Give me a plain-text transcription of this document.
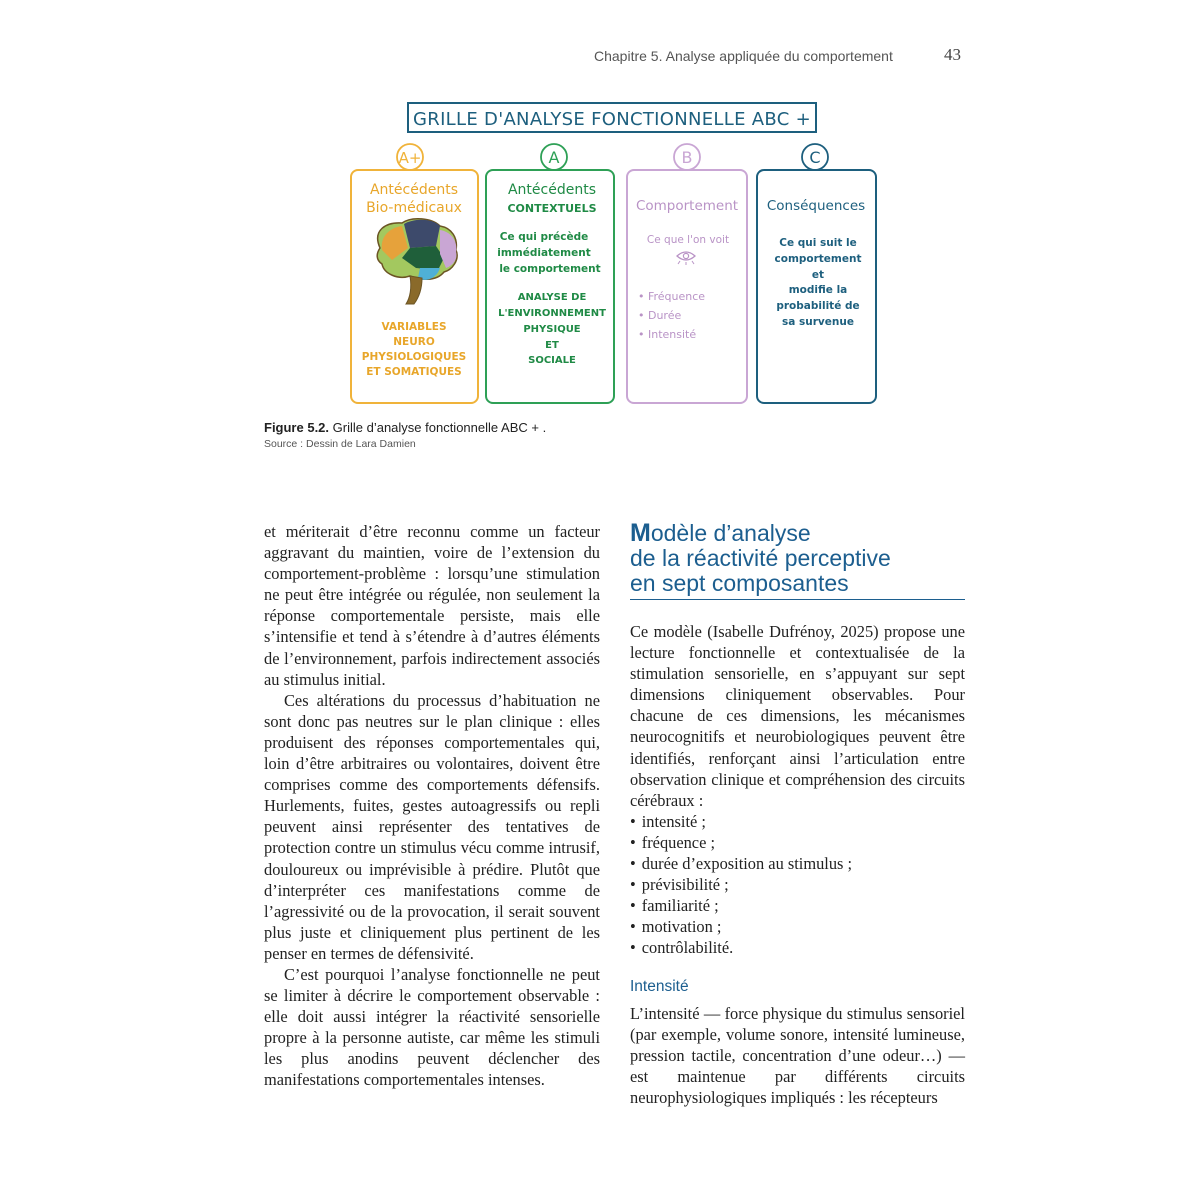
Chapitre 5. Analyse appliquée du comportement	43
GRILLE D'ANALYSE FONCTIONNELLE ABC +
A+
Antécédents
Bio-médicaux
VARIABLES
NEURO
PHYSIOLOGIQUES
ET SOMATIQUES
A
Antécédents
CONTEXTUELS
Ce qui précède
immédiatement
le comportement
ANALYSE DE
L'ENVIRONNEMENT
PHYSIQUE
ET
SOCIALE
B
Comportement
Ce que l'on voit
• Fréquence
• Durée
• Intensité
C
Conséquences
Ce qui suit le
comportement
et
modifie la
probabilité de
sa survenue
Figure 5.2. Grille d’analyse fonctionnelle ABC + .
Source : Dessin de Lara Damien

et mériterait d’être reconnu comme un facteur aggravant du maintien, voire de l’extension du comportement-problème : lorsqu’une stimulation ne peut être intégrée ou régulée, non seulement la réponse comportementale persiste, mais elle s’intensifie et tend à s’étendre à d’autres éléments de l’environnement, parfois indirectement associés au stimulus initial.

Ces altérations du processus d’habituation ne sont donc pas neutres sur le plan clinique : elles produisent des réponses comportementales qui, loin d’être arbitraires ou volontaires, doivent être comprises comme des comportements défensifs. Hurlements, fuites, gestes autoagressifs ou repli peuvent ainsi représenter des tentatives de protection contre un stimulus vécu comme intrusif, douloureux ou imprévisible à prédire. Plutôt que d’interpréter ces manifestations comme de l’agressivité ou de la provocation, il serait souvent plus juste et cliniquement plus pertinent de les penser en termes de défensivité.

C’est pourquoi l’analyse fonctionnelle ne peut se limiter à décrire le comportement observable : elle doit aussi intégrer la réactivité sensorielle propre à la personne autiste, car même les stimuli les plus anodins peuvent déclencher des manifestations comportementales intenses.

Modèle d’analyse
de la réactivité perceptive
en sept composantes

Ce modèle (Isabelle Dufrénoy, 2025) propose une lecture fonctionnelle et contextualisée de la stimulation sensorielle, en s’appuyant sur sept dimensions cliniquement observables. Pour chacune de ces dimensions, les mécanismes neurocognitifs et neurobiologiques peuvent être identifiés, renforçant ainsi l’articulation entre observation clinique et compréhension des circuits cérébraux :

• intensité ;
• fréquence ;
• durée d’exposition au stimulus ;
• prévisibilité ;
• familiarité ;
• motivation ;
• contrôlabilité.
Intensité

L’intensité — force physique du stimulus sensoriel (par exemple, volume sonore, intensité lumineuse, pression tactile, concentration d’une odeur…) — est maintenue par différents circuits neurophysiologiques impliqués : les récepteurs
